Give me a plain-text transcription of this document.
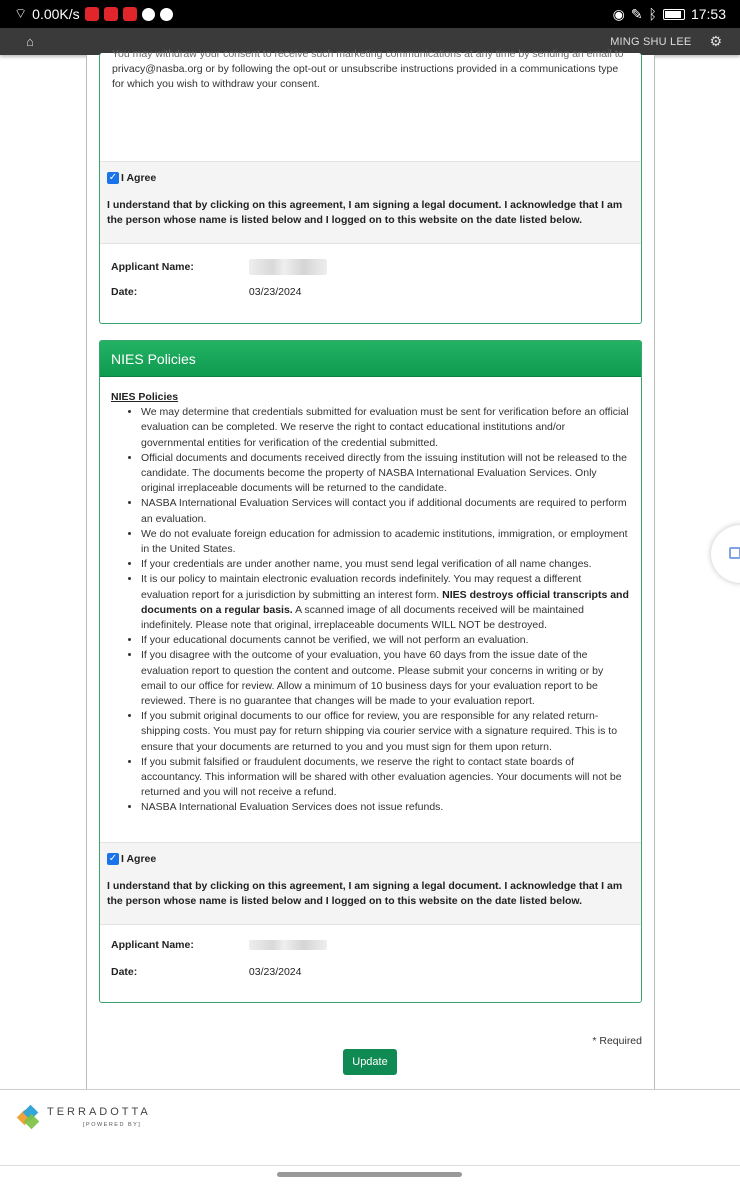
⌔ 0.00K/s	◉ ✎ ᛒ 17:53
⌂	MING SHU LEE ⚙
You may withdraw your consent to receive such marketing communications at any time by sending an email to
privacy@nasba.org or by following the opt-out or unsubscribe instructions provided in a communications type for which you wish to withdraw your consent.
✓ I Agree
I understand that by clicking on this agreement, I am signing a legal document. I acknowledge that I am the person whose name is listed below and I logged on to this website on the date listed below.
Applicant Name:
Date:	03/23/2024
NIES Policies
NIES Policies
• We may determine that credentials submitted for evaluation must be sent for verification before an official evaluation can be completed. We reserve the right to contact educational institutions and/or governmental entities for verification of the credential submitted.
• Official documents and documents received directly from the issuing institution will not be released to the candidate. The documents become the property of NASBA International Evaluation Services. Only original irreplaceable documents will be returned to the candidate.
• NASBA International Evaluation Services will contact you if additional documents are required to perform an evaluation.
• We do not evaluate foreign education for admission to academic institutions, immigration, or employment in the United States.
• If your credentials are under another name, you must send legal verification of all name changes.
• It is our policy to maintain electronic evaluation records indefinitely. You may request a different evaluation report for a jurisdiction by submitting an interest form. NIES destroys official transcripts and documents on a regular basis. A scanned image of all documents received will be maintained indefinitely. Please note that original, irreplaceable documents WILL NOT be destroyed.
• If your educational documents cannot be verified, we will not perform an evaluation.
• If you disagree with the outcome of your evaluation, you have 60 days from the issue date of the evaluation report to question the content and outcome. Please submit your concerns in writing or by email to our office for review. Allow a minimum of 10 business days for your evaluation report to be reviewed. There is no guarantee that changes will be made to your evaluation report.
• If you submit original documents to our office for review, you are responsible for any related return-shipping costs. You must pay for return shipping via courier service with a signature required. This is to ensure that your documents are returned to you and you must sign for them upon return.
• If you submit falsified or fraudulent documents, we reserve the right to contact state boards of accountancy. This information will be shared with other evaluation agencies. Your documents will not be returned and you will not receive a refund.
• NASBA International Evaluation Services does not issue refunds.
✓ I Agree
I understand that by clicking on this agreement, I am signing a legal document. I acknowledge that I am the person whose name is listed below and I logged on to this website on the date listed below.
Applicant Name:
Date:	03/23/2024
* Required
Update
TERRADOTTA
[POWERED BY]
